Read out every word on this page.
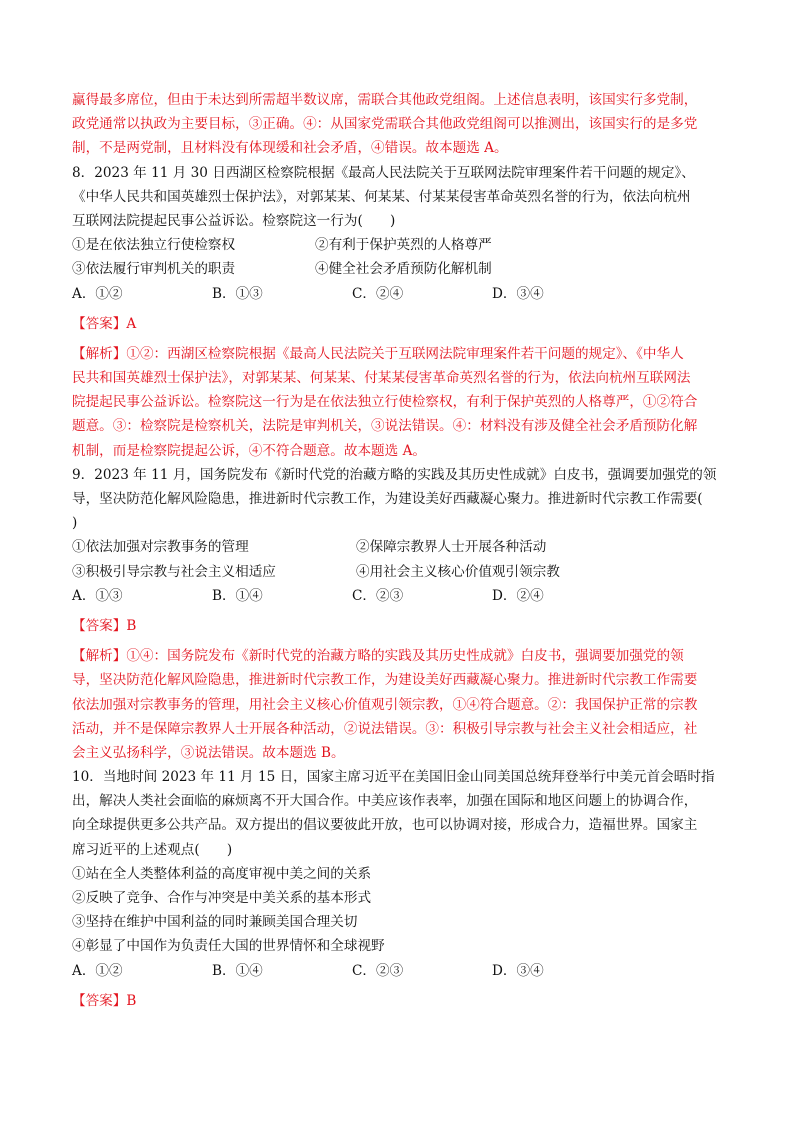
赢得最多席位，但由于未达到所需超半数议席，需联合其他政党组阁。上述信息表明，该国实行多党制，
政党通常以执政为主要目标，③正确。④：从国家党需联合其他政党组阁可以推测出，该国实行的是多党
制，不是两党制，且材料没有体现缓和社会矛盾，④错误。故本题选 A。
8．2023 年 11 月 30 日西湖区检察院根据《最高人民法院关于互联网法院审理案件若干问题的规定》、
《中华人民共和国英雄烈士保护法》，对郭某某、何某某、付某某侵害革命英烈名誉的行为，依法向杭州
互联网法院提起民事公益诉讼。检察院这一行为(　　)
①是在依法独立行使检察权	②有利于保护英烈的人格尊严
③依法履行审判机关的职责	④健全社会矛盾预防化解机制
A．①②	B．①③	C．②④	D．③④
【答案】A
【解析】①②：西湖区检察院根据《最高人民法院关于互联网法院审理案件若干问题的规定》、《中华人
民共和国英雄烈士保护法》，对郭某某、何某某、付某某侵害革命英烈名誉的行为，依法向杭州互联网法
院提起民事公益诉讼。检察院这一行为是在依法独立行使检察权，有利于保护英烈的人格尊严，①②符合
题意。③：检察院是检察机关，法院是审判机关，③说法错误。④：材料没有涉及健全社会矛盾预防化解
机制，而是检察院提起公诉，④不符合题意。故本题选 A。
9．2023 年 11 月，国务院发布《新时代党的治藏方略的实践及其历史性成就》白皮书，强调要加强党的领
导，坚决防范化解风险隐患，推进新时代宗教工作，为建设美好西藏凝心聚力。推进新时代宗教工作需要(
)
①依法加强对宗教事务的管理	②保障宗教界人士开展各种活动
③积极引导宗教与社会主义相适应	④用社会主义核心价值观引领宗教
A．①③	B．①④	C．②③	D．②④
【答案】B
【解析】①④：国务院发布《新时代党的治藏方略的实践及其历史性成就》白皮书，强调要加强党的领
导，坚决防范化解风险隐患，推进新时代宗教工作，为建设美好西藏凝心聚力。推进新时代宗教工作需要
依法加强对宗教事务的管理，用社会主义核心价值观引领宗教，①④符合题意。②：我国保护正常的宗教
活动，并不是保障宗教界人士开展各种活动，②说法错误。③：积极引导宗教与社会主义社会相适应，社
会主义弘扬科学，③说法错误。故本题选 B。
10．当地时间 2023 年 11 月 15 日，国家主席习近平在美国旧金山同美国总统拜登举行中美元首会晤时指
出，解决人类社会面临的麻烦离不开大国合作。中美应该作表率，加强在国际和地区问题上的协调合作，
向全球提供更多公共产品。双方提出的倡议要彼此开放，也可以协调对接，形成合力，造福世界。国家主
席习近平的上述观点(　　)
①站在全人类整体利益的高度审视中美之间的关系
②反映了竞争、合作与冲突是中美关系的基本形式
③坚持在维护中国利益的同时兼顾美国合理关切
④彰显了中国作为负责任大国的世界情怀和全球视野
A．①②	B．①④	C．②③	D．③④
【答案】B
